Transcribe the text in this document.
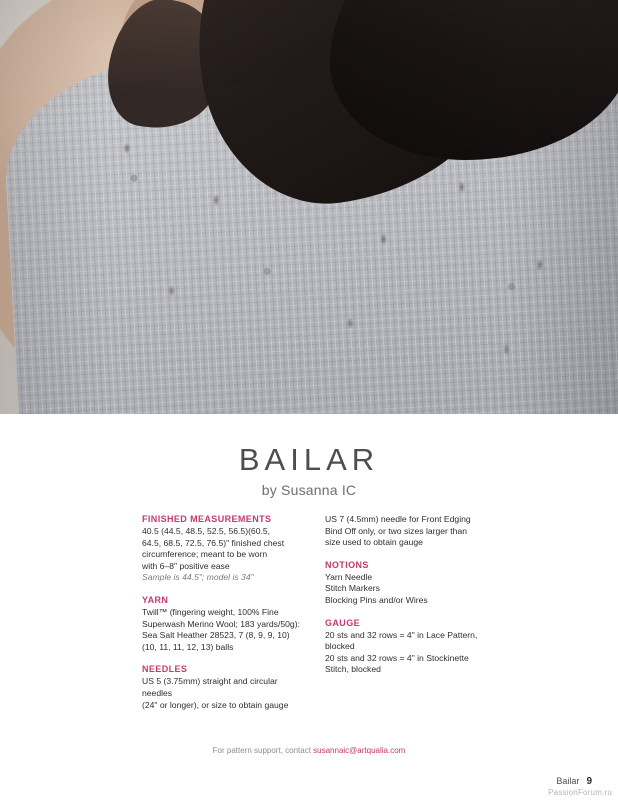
BAILAR
by Susanna IC
FINISHED MEASUREMENTS
40.5 (44.5, 48.5, 52.5, 56.5)(60.5,
64.5, 68.5, 72.5, 76.5)" finished chest
circumference; meant to be worn
with 6–8" positive ease
Sample is 44.5"; model is 34"
YARN
Twill™ (fingering weight, 100% Fine
Superwash Merino Wool; 183 yards/50g):
Sea Salt Heather 28523, 7 (8, 9, 9, 10)
(10, 11, 11, 12, 13) balls
NEEDLES
US 5 (3.75mm) straight and circular needles
(24" or longer), or size to obtain gauge
US 7 (4.5mm) needle for Front Edging
Bind Off only, or two sizes larger than
size used to obtain gauge
NOTIONS
Yarn Needle
Stitch Markers
Blocking Pins and/or Wires
GAUGE
20 sts and 32 rows = 4" in Lace Pattern,
blocked
20 sts and 32 rows = 4" in Stockinette
Stitch, blocked
For pattern support, contact susannaic@artqualia.com
Bailar 9
PassionForum.ru
